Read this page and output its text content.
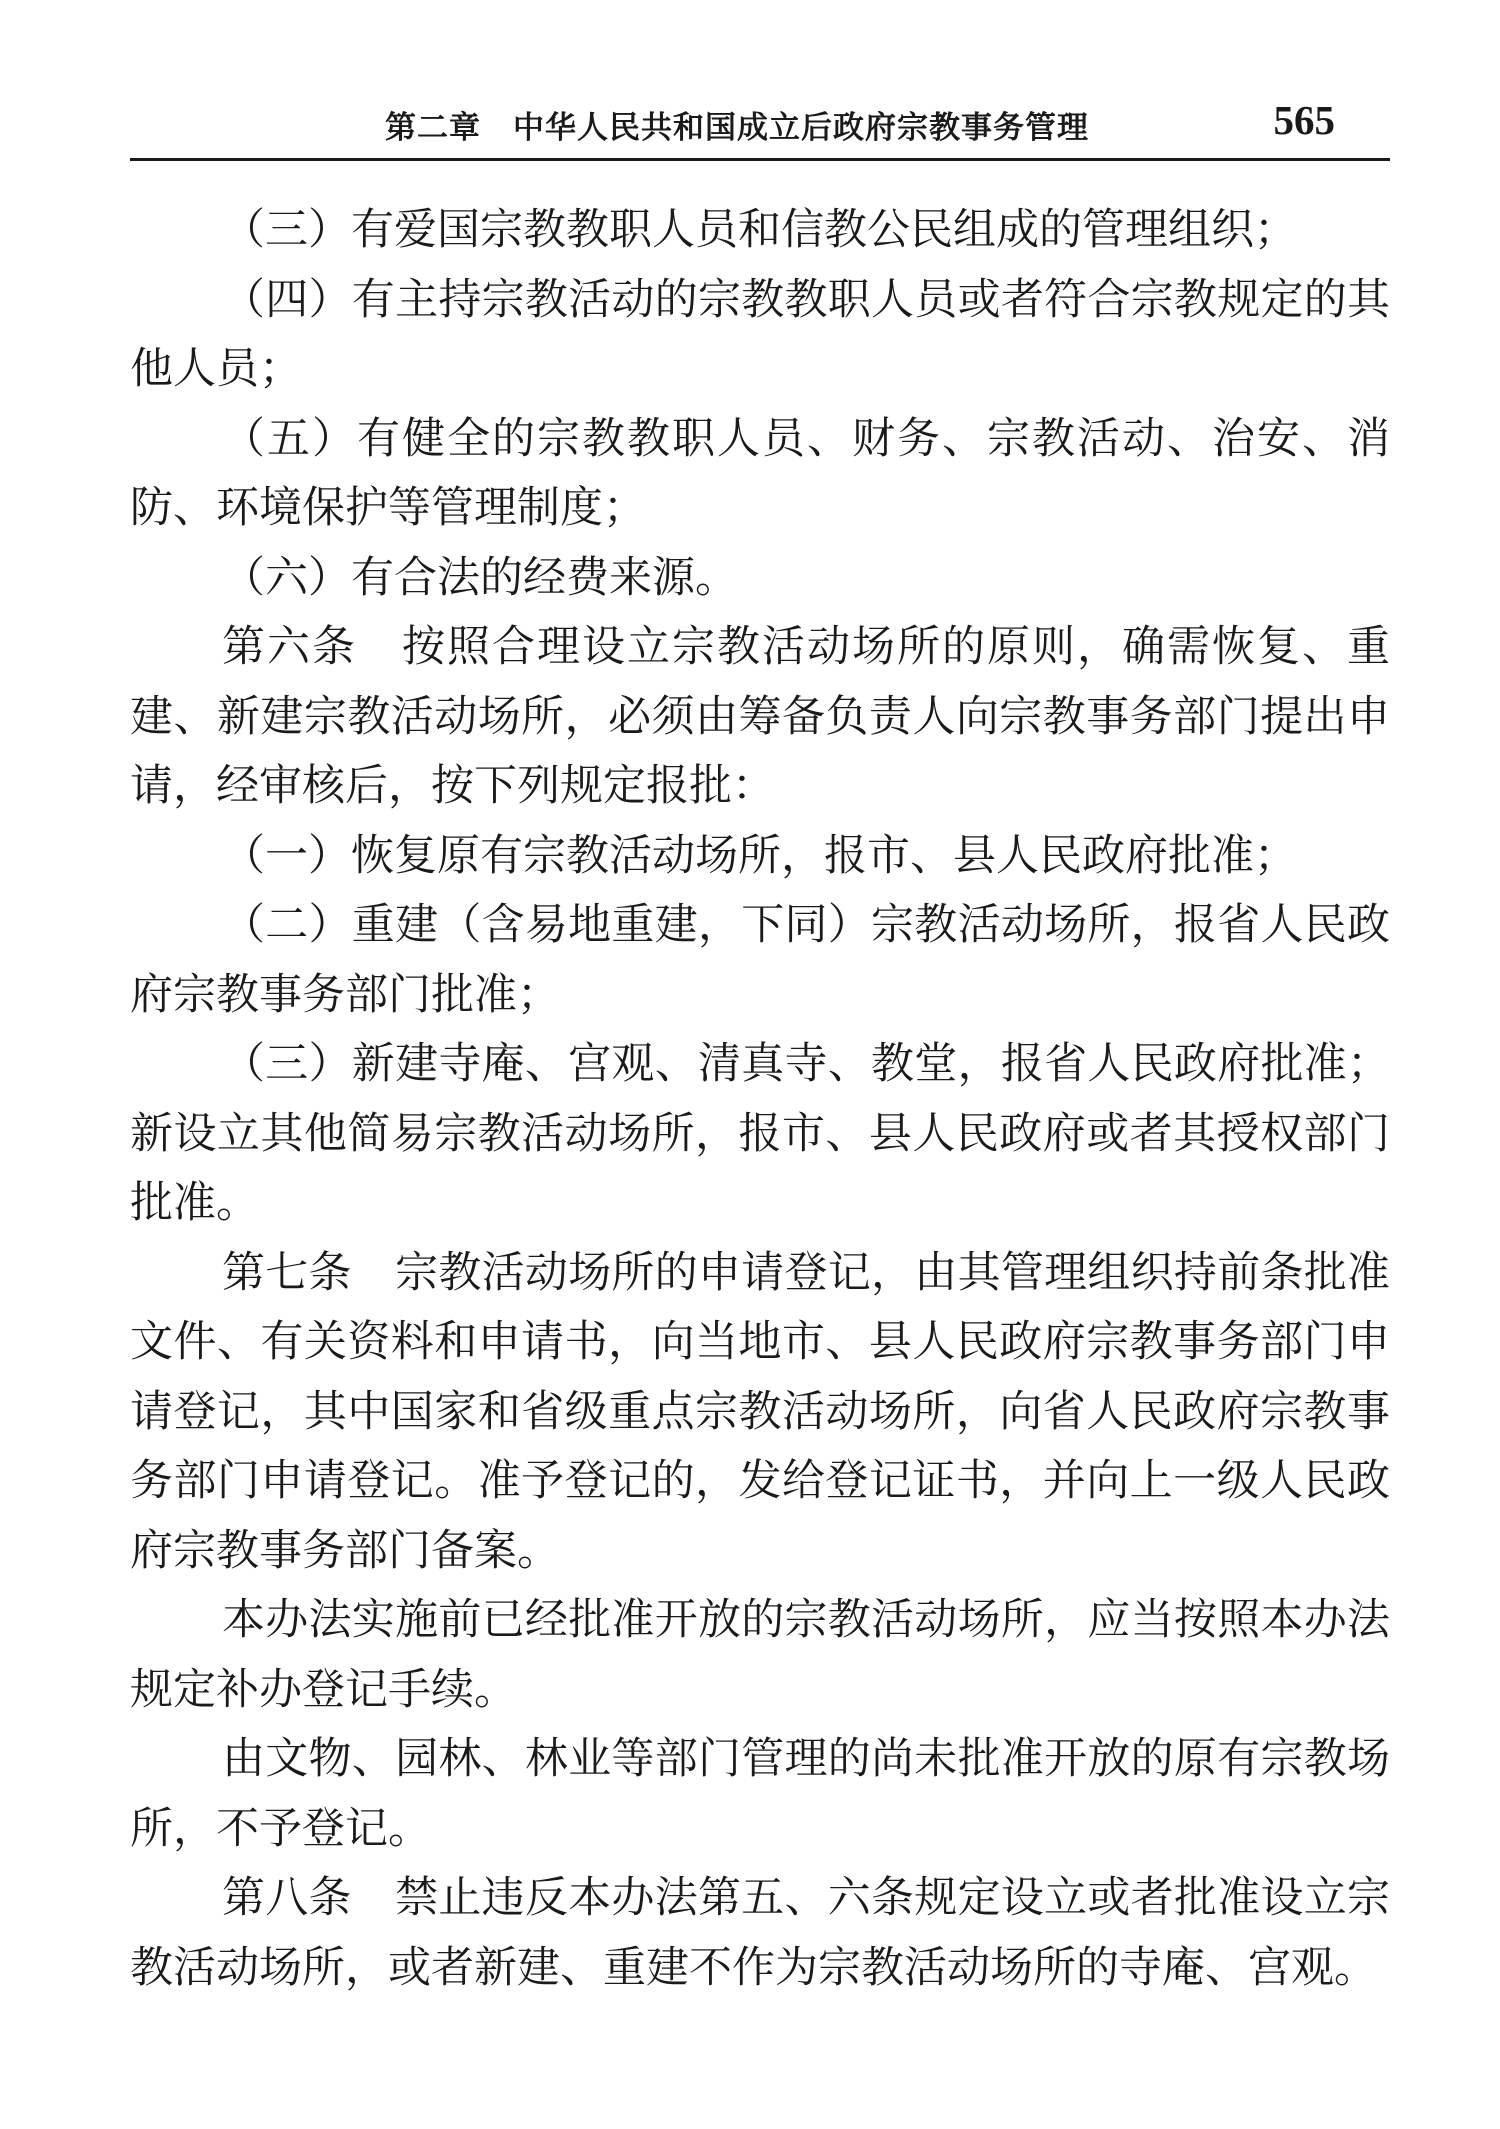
第二章　中华人民共和国成立后政府宗教事务管理	565

（三）有爱国宗教教职人员和信教公民组成的管理组织；

（四）有主持宗教活动的宗教教职人员或者符合宗教规定的其他人员；

（五）有健全的宗教教职人员、财务、宗教活动、治安、消防、环境保护等管理制度；

（六）有合法的经费来源。

第六条　按照合理设立宗教活动场所的原则，确需恢复、重建、新建宗教活动场所，必须由筹备负责人向宗教事务部门提出申请，经审核后，按下列规定报批：

（一）恢复原有宗教活动场所，报市、县人民政府批准；

（二）重建（含易地重建，下同）宗教活动场所，报省人民政府宗教事务部门批准；

（三）新建寺庵、宫观、清真寺、教堂，报省人民政府批准；新设立其他简易宗教活动场所，报市、县人民政府或者其授权部门批准。

第七条　宗教活动场所的申请登记，由其管理组织持前条批准文件、有关资料和申请书，向当地市、县人民政府宗教事务部门申请登记，其中国家和省级重点宗教活动场所，向省人民政府宗教事务部门申请登记。准予登记的，发给登记证书，并向上一级人民政府宗教事务部门备案。

本办法实施前已经批准开放的宗教活动场所，应当按照本办法规定补办登记手续。

由文物、园林、林业等部门管理的尚未批准开放的原有宗教场所，不予登记。

第八条　禁止违反本办法第五、六条规定设立或者批准设立宗教活动场所，或者新建、重建不作为宗教活动场所的寺庵、宫观。
